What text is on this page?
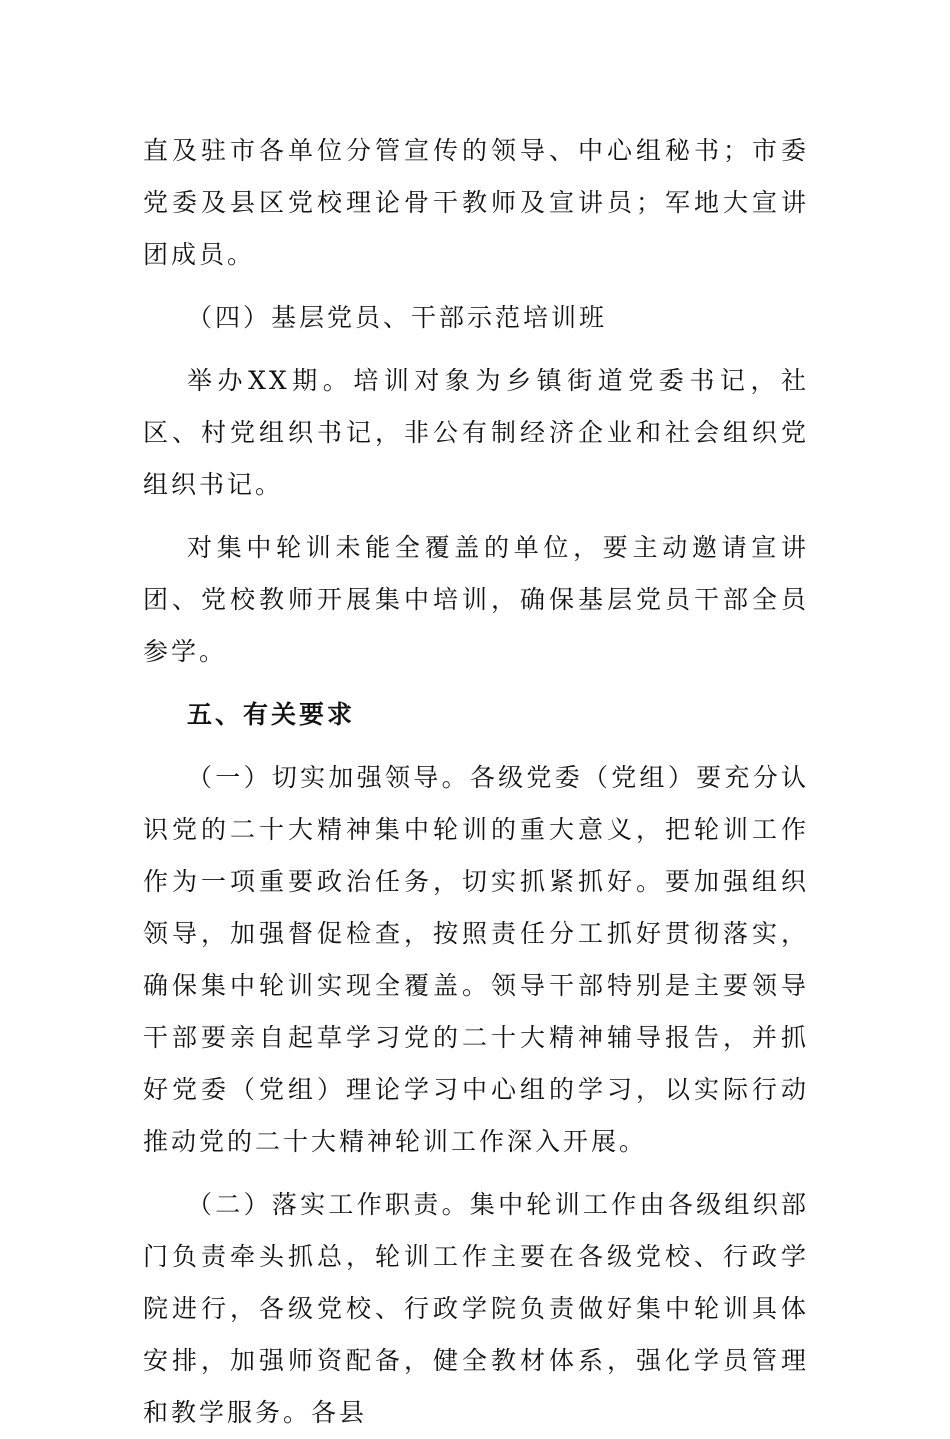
直及驻市各单位分管宣传的领导、中心组秘书；市委党委及县区党校理论骨干教师及宣讲员；军地大宣讲团成员。

（四）基层党员、干部示范培训班

举办XX期。培训对象为乡镇街道党委书记，社区、村党组织书记，非公有制经济企业和社会组织党组织书记。

对集中轮训未能全覆盖的单位，要主动邀请宣讲团、党校教师开展集中培训，确保基层党员干部全员参学。

五、有关要求

（一）切实加强领导。各级党委（党组）要充分认识党的二十大精神集中轮训的重大意义，把轮训工作作为一项重要政治任务，切实抓紧抓好。要加强组织领导，加强督促检查，按照责任分工抓好贯彻落实，确保集中轮训实现全覆盖。领导干部特别是主要领导干部要亲自起草学习党的二十大精神辅导报告，并抓好党委（党组）理论学习中心组的学习，以实际行动推动党的二十大精神轮训工作深入开展。

（二）落实工作职责。集中轮训工作由各级组织部门负责牵头抓总，轮训工作主要在各级党校、行政学院进行，各级党校、行政学院负责做好集中轮训具体安排，加强师资配备，健全教材体系，强化学员管理和教学服务。各县
